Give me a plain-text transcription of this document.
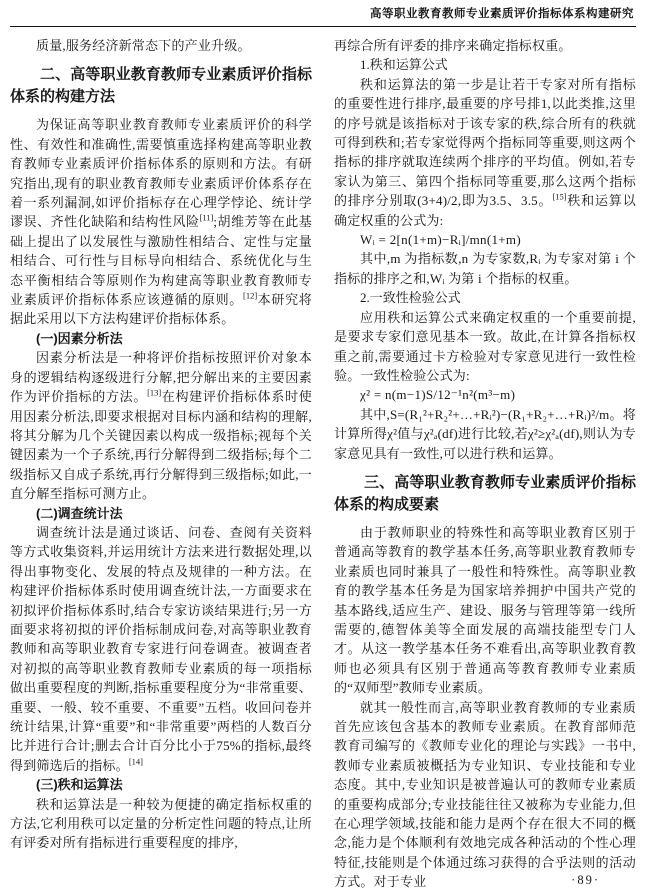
高等职业教育教师专业素质评价指标体系构建研究

质量,服务经济新常态下的产业升级。

二、高等职业教育教师专业素质评价指标体系的构建方法

为保证高等职业教育教师专业素质评价的科学性、有效性和准确性,需要慎重选择构建高等职业教育教师专业素质评价指标体系的原则和方法。有研究指出,现有的职业教育教师专业素质评价体系存在着一系列漏洞,如评价指标存在心理学悖论、统计学谬误、齐性化缺陷和结构性风险[11];胡维芳等在此基础上提出了以发展性与激励性相结合、定性与定量相结合、可行性与目标导向相结合、系统优化与生态平衡相结合等原则作为构建高等职业教育教师专业素质评价指标体系应该遵循的原则。[12]本研究将据此采用以下方法构建评价指标体系。

(一)因素分析法

因素分析法是一种将评价指标按照评价对象本身的逻辑结构逐级进行分解,把分解出来的主要因素作为评价指标的方法。[13]在构建评价指标体系时使用因素分析法,即要求根据对目标内涵和结构的理解,将其分解为几个关键因素以构成一级指标;视每个关键因素为一个子系统,再行分解得到二级指标;每个二级指标又自成子系统,再行分解得到三级指标;如此,一直分解至指标可测方止。

(二)调查统计法

调查统计法是通过谈话、问卷、查阅有关资料等方式收集资料,并运用统计方法来进行数据处理,以得出事物变化、发展的特点及规律的一种方法。在构建评价指标体系时使用调查统计法,一方面要求在初拟评价指标体系时,结合专家访谈结果进行;另一方面要求将初拟的评价指标制成问卷,对高等职业教育教师和高等职业教育专家进行问卷调查。被调查者对初拟的高等职业教育教师专业素质的每一项指标做出重要程度的判断,指标重要程度分为“非常重要、重要、一般、较不重要、不重要”五档。收回问卷并统计结果,计算“重要”和“非常重要”两档的人数百分比并进行合计;删去合计百分比小于75%的指标,最终得到筛选后的指标。[14]

(三)秩和运算法

秩和运算法是一种较为便捷的确定指标权重的方法,它利用秩可以定量的分析定性问题的特点,让所有评委对所有指标进行重要程度的排序,

再综合所有评委的排序来确定指标权重。

1.秩和运算公式

秩和运算法的第一步是让若干专家对所有指标的重要性进行排序,最重要的序号排1,以此类推,这里的序号就是该指标对于该专家的秩,综合所有的秩就可得到秩和;若专家觉得两个指标同等重要,则这两个指标的排序就取连续两个排序的平均值。例如,若专家认为第三、第四个指标同等重要,那么这两个指标的排序分别取(3+4)/2,即为3.5、3.5。[15]秩和运算以确定权重的公式为:

Wᵢ = 2[n(1+m)−Rᵢ]/mn(1+m)

其中,m 为指标数,n 为专家数,Rᵢ 为专家对第 i 个指标的排序之和,Wᵢ 为第 i 个指标的权重。

2.一致性检验公式

应用秩和运算公式来确定权重的一个重要前提,是要求专家们意见基本一致。故此,在计算各指标权重之前,需要通过卡方检验对专家意见进行一致性检验。一致性检验公式为:

χ² = n(m−1)S/12⁻¹n²(m³−m)

其中,S=(R₁²+R₂²+…+Rᵢ²)−(R₁+R₂+…+Rᵢ)²/m。将计算所得χ²值与χ²ₐ(df)进行比较,若χ²≥χ²ₐ(df),则认为专家意见具有一致性,可以进行秩和运算。

三、高等职业教育教师专业素质评价指标体系的构成要素

由于教师职业的特殊性和高等职业教育区别于普通高等教育的教学基本任务,高等职业教育教师专业素质也同时兼具了一般性和特殊性。高等职业教育的教学基本任务是为国家培养拥护中国共产党的基本路线,适应生产、建设、服务与管理等第一线所需要的,德智体美等全面发展的高端技能型专门人才。从这一教学基本任务不难看出,高等职业教育教师也必须具有区别于普通高等教育教师专业素质的“双师型”教师专业素质。

就其一般性而言,高等职业教育教师的专业素质首先应该包含基本的教师专业素质。在教育部师范教育司编写的《教师专业化的理论与实践》一书中,教师专业素质被概括为专业知识、专业技能和专业态度。其中,专业知识是被普遍认可的教师专业素质的重要构成部分;专业技能往往又被称为专业能力,但在心理学领域,技能和能力是两个存在很大不同的概念,能力是个体顺利有效地完成各种活动的个性心理特征,技能则是个体通过练习获得的合乎法则的活动方式。对于专业	·89·
